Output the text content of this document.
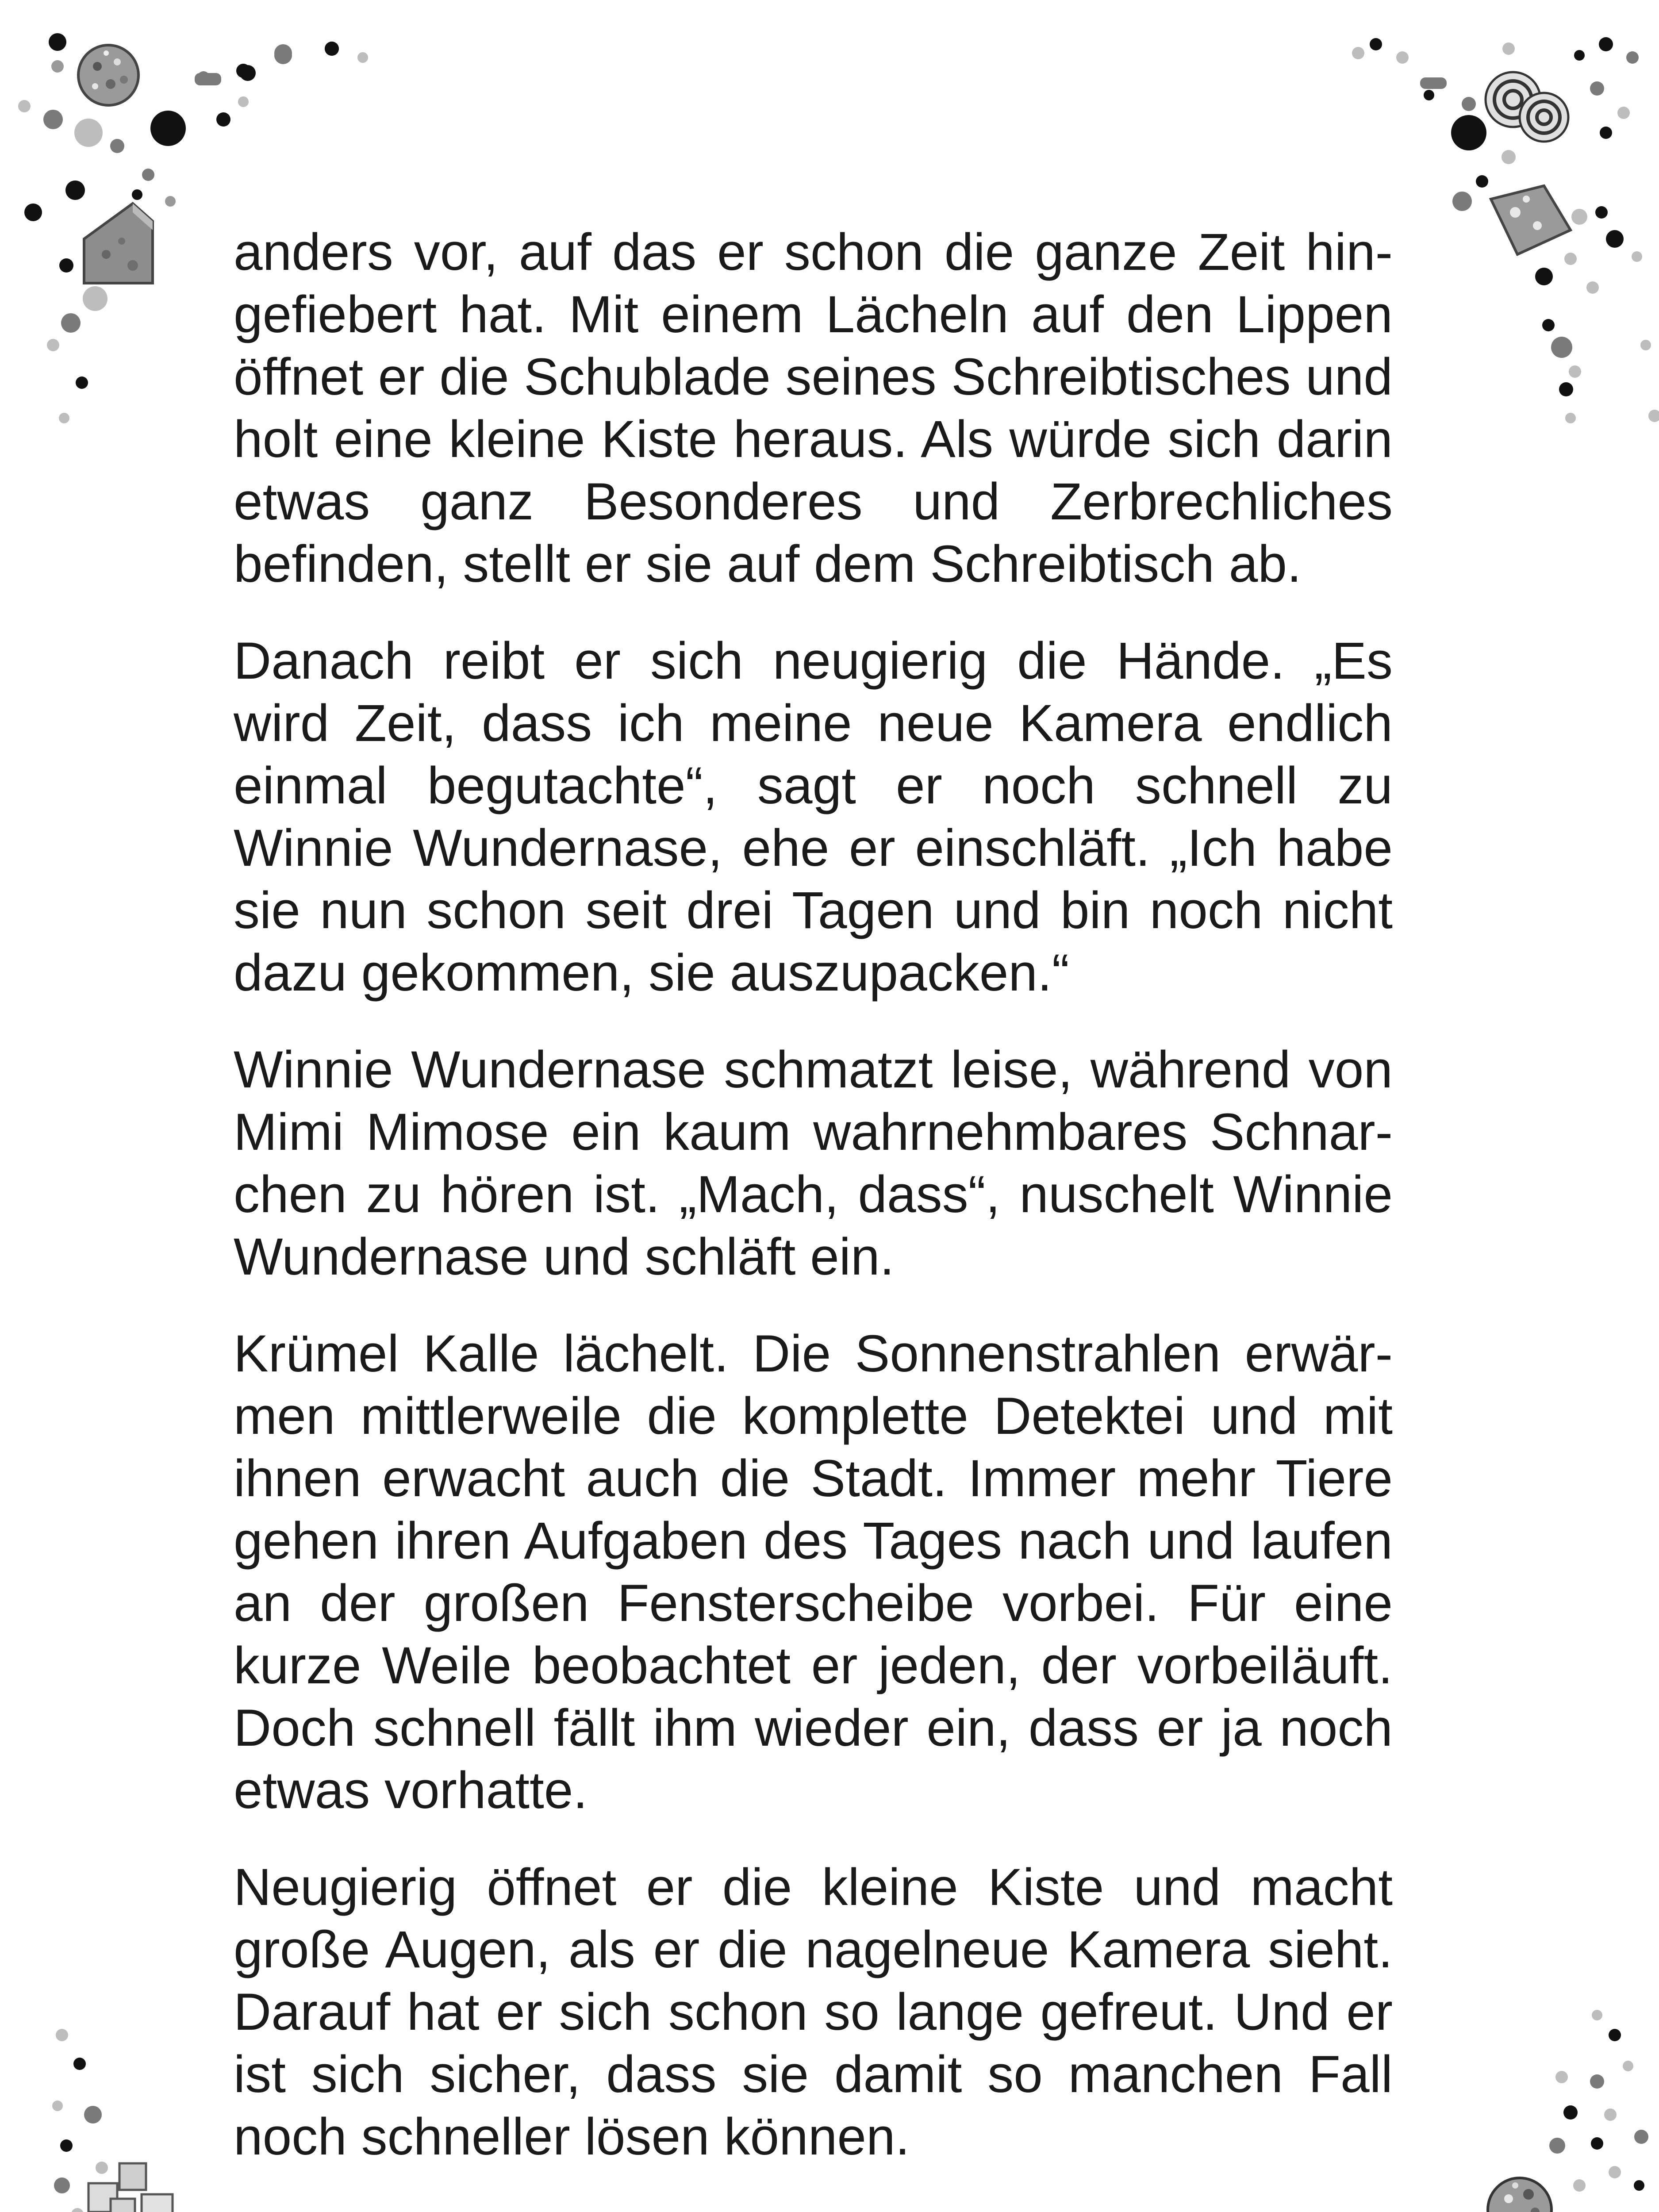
anders vor, auf das er schon die ganze Zeit hingefiebert hat. Mit einem Lächeln auf den Lippen öffnet er die Schublade seines Schreibtisches und holt eine kleine Kiste heraus. Als würde sich darin etwas ganz Besonderes und Zerbrechliches befinden, stellt er sie auf dem Schreibtisch ab.

Danach reibt er sich neugierig die Hände. „Es wird Zeit, dass ich meine neue Kamera endlich einmal begutachte“, sagt er noch schnell zu Winnie Wundernase, ehe er einschläft. „Ich habe sie nun schon seit drei Tagen und bin noch nicht dazu gekommen, sie auszupacken.“

Winnie Wundernase schmatzt leise, während von Mimi Mimose ein kaum wahrnehmbares Schnarchen zu hören ist. „Mach, dass“, nuschelt Winnie Wundernase und schläft ein.

Krümel Kalle lächelt. Die Sonnenstrahlen erwärmen mittlerweile die komplette Detektei und mit ihnen erwacht auch die Stadt. Immer mehr Tiere gehen ihren Aufgaben des Tages nach und laufen an der großen Fensterscheibe vorbei. Für eine kurze Weile beobachtet er jeden, der vorbeiläuft. Doch schnell fällt ihm wieder ein, dass er ja noch etwas vorhatte.

Neugierig öffnet er die kleine Kiste und macht große Augen, als er die nagelneue Kamera sieht. Darauf hat er sich schon so lange gefreut. Und er ist sich sicher, dass sie damit so manchen Fall noch schneller lösen können.
